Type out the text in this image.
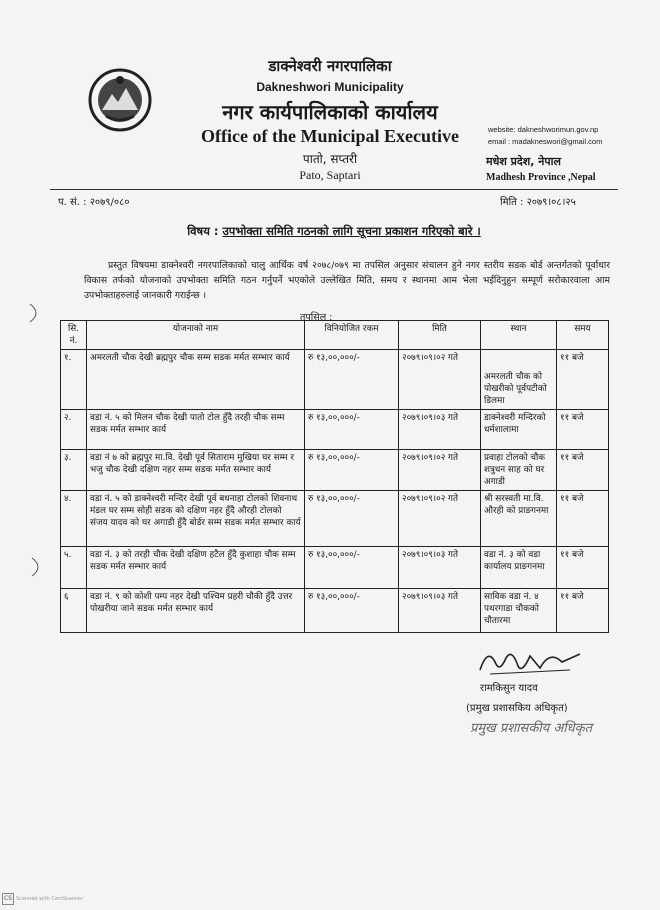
डाक्नेश्वरी नगरपालिका
Dakneshwori Municipality
नगर कार्यपालिकाको कार्यालय
Office of the Municipal Executive
पातो, सप्तरी
Pato, Saptari
website: dakneshworimun.gov.np
email : madakneswori@gmail.com
मधेश प्रदेश, नेपाल
Madhesh Province ,Nepal
प. सं. : २०७९/०८०	मिति : २०७९।०८।२५
विषय : उपभोक्ता समिति गठनको लागि सूचना प्रकाशन गरिएको बारे ।
प्रस्तुत विषयमा डाक्नेश्वरी नगरपालिकाको चालु आर्थिक वर्ष २०७८/०७९ मा तपसिल अनुसार संचालन हुने नगर स्तरीय सडक बोर्ड अन्तर्गतको पूर्वाधार विकास तर्फको योजनाको उपभोक्ता समिति गठन गर्नुपर्ने भएकोले उल्लेखित मिति, समय र स्थानमा आम भेला भईदिनुहुन सम्पूर्ण सरोकारवाला आम उपभोक्ताहरुलाई जानकारी गराईन्छ ।
तपसिल :
सि. नं.	योजनाको नाम	विनियोजित रकम	मिति	स्थान	समय
१.	अमरलती चौक देखी ब्रह्मपुर चौक सम्म सडक मर्मत सम्भार कार्य	रु १३,००,०००/-	२०७९।०९।०२ गते	अमरलती चौक को पोखरीको पूर्वपटीको डिलमा	११ बजे
२.	वडा नं. ५ को मिलन चौक देखी पातो टोल हुँदै तरही चौक सम्म सडक मर्मत सम्भार कार्य	रु १३,००,०००/-	२०७९।०९।०३ गते	डाक्नेश्वरी मन्दिरको धर्मशालामा	११ बजे
३.	वडा नं ७ को ब्रह्मपुर मा.वि. देखी पूर्व सिताराम मुखिया घर सम्म र भजु चौक देखी दक्षिण नहर सम्म सडक मर्मत सम्भार कार्य	रु १३,००,०००/-	२०७९।०९।०२ गते	प्रवाहा टोलको चौक शत्रुधन साह को घर अगाडी	११ बजे
४.	वडा नं. ५ को डाक्नेश्वरी मन्दिर देखी पूर्व बधनाहा टोलको शिवनाथ मंडल घर सम्म सोही सडक को दक्षिण नहर हुँदै औरही टोलको संजय यादव को घर अगाडी हुँदै बोर्डर सम्म सडक मर्मत सम्भार कार्य	रु १३,००,०००/-	२०७९।०९।०२ गते	श्री सरस्वती मा.वि. औरही को प्राङगनमा	११ बजे
५.	वडा नं. ३ को तरही चौक देखी दक्षिण हटैल हुँदै कुशाहा चौक सम्म सडक मर्मत सम्भार कार्य	रु १३,००,०००/-	२०७९।०९।०३ गते	वडा नं. ३ को वडा कार्यालय प्राङगनमा	११ बजे
६	वडा नं. ९ को कोशी पम्प नहर देखी पश्चिम प्रहरी चौकी हुँदै उत्तर पोखरीया जाने सडक मर्मत सम्भार कार्य	रु १३,००,०००/-	२०७९।०९।०३ गते	साविक वडा नं. ४ पथरगाडा चौकको चौतारमा	११ बजे
रामकिसुन यादव
(प्रमुख प्रशासकिय अधिकृत)
प्रमुख प्रशासकीय अधिकृत
CS Scanned with CamScanner
